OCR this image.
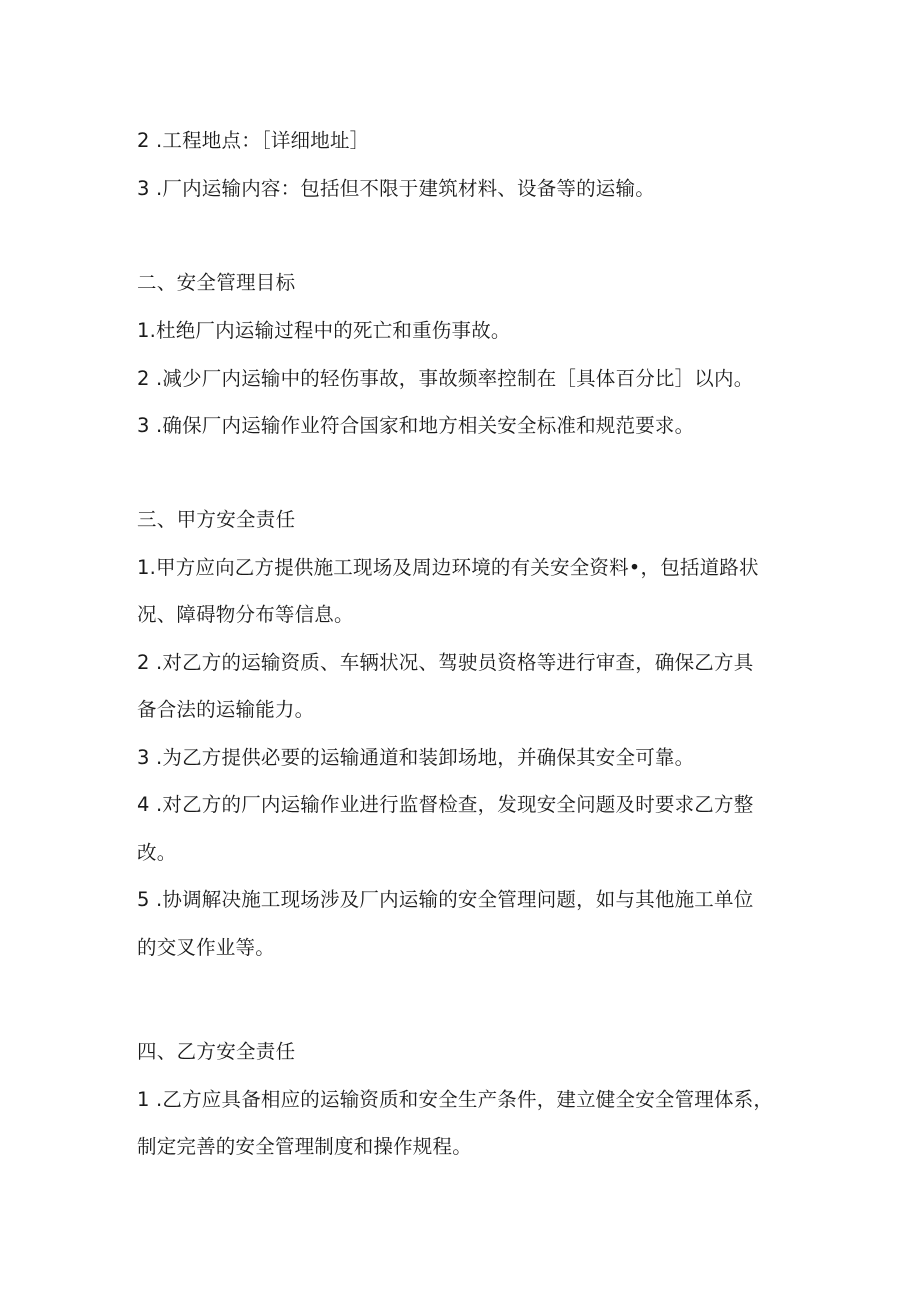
2 .工程地点：［详细地址］
3 .厂内运输内容：包括但不限于建筑材料、设备等的运输。
二、安全管理目标
1.杜绝厂内运输过程中的死亡和重伤事故。
2 .减少厂内运输中的轻伤事故，事故频率控制在［具体百分比］以内。
3 .确保厂内运输作业符合国家和地方相关安全标准和规范要求。
三、甲方安全责任
1.甲方应向乙方提供施工现场及周边环境的有关安全资料•，包括道路状
况、障碍物分布等信息。
2 .对乙方的运输资质、车辆状况、驾驶员资格等进行审查，确保乙方具
备合法的运输能力。
3 .为乙方提供必要的运输通道和装卸场地，并确保其安全可靠。
4 .对乙方的厂内运输作业进行监督检查，发现安全问题及时要求乙方整
改。
5 .协调解决施工现场涉及厂内运输的安全管理问题，如与其他施工单位
的交叉作业等。
四、乙方安全责任
1 .乙方应具备相应的运输资质和安全生产条件，建立健全安全管理体系，
制定完善的安全管理制度和操作规程。
